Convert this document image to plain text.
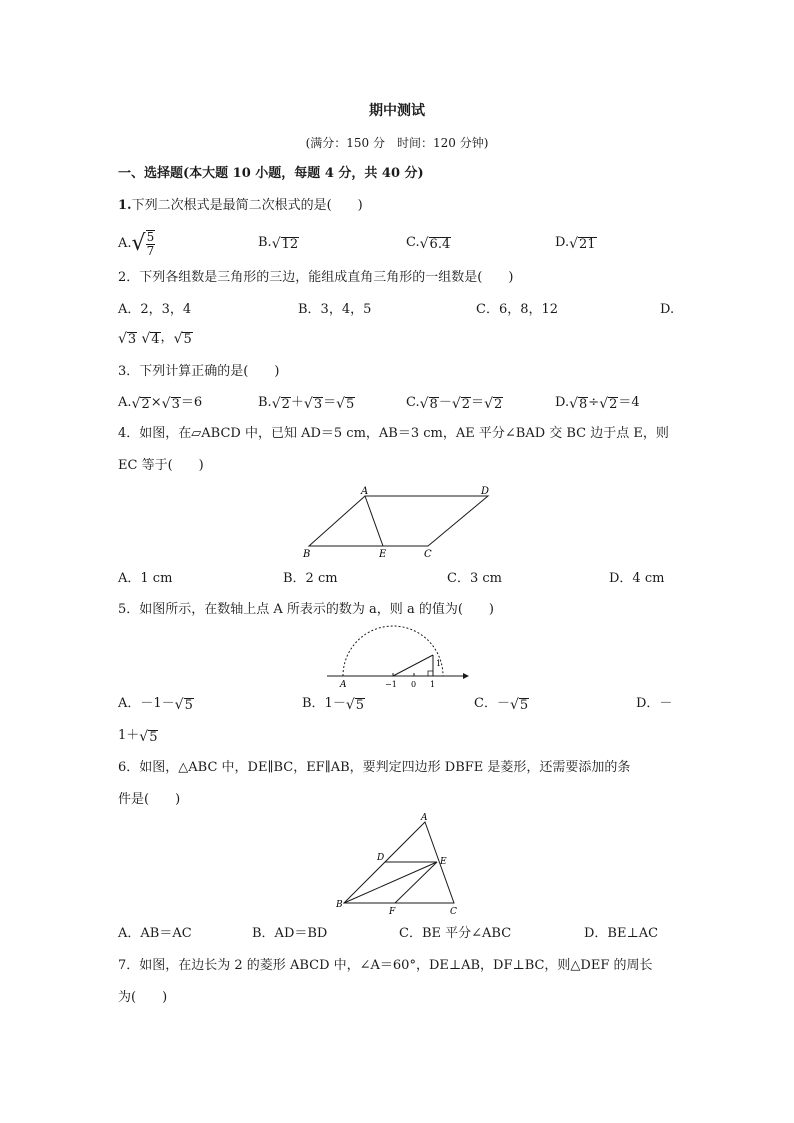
期中测试
(满分：150 分　时间：120 分钟)
一、选择题(本大题 10 小题，每题 4 分，共 40 分)
1.下列二次根式是最简二次根式的是(　　)
A. √ $\frac{5}{7}$	B. √ 12	C. √ 6.4	D. √ 21
2．下列各组数是三角形的三边，能组成直角三角形的一组数是(　　)
A．2，3，4	B．3，4，5	C．6，8，12	D.
√ 3
√ 4 ， √ 5
3．下列计算正确的是(　　)
A. √ 2 × √ 3 ＝6	B. √ 2 ＋ √ 3 ＝ √ 5	C. √ 8 － √ 2 ＝ √ 2	D. √ 8 ÷ √ 2 ＝4
4．如图，在▱ABCD 中，已知 AD＝5 cm，AB＝3 cm，AE 平分∠BAD 交 BC 边于点 E，则
EC 等于(　　)
A	D
B	E	C
A．1 cm	B．2 cm	C．3 cm	D．4 cm
5．如图所示，在数轴上点 A 所表示的数为 a，则 a 的值为(　　)
A	−1 0 1
1
A．－1－ √ 5	B．1－ √ 5	C．－ √ 5	D．－
1＋ √ 5
6．如图，△ABC 中，DE∥BC，EF∥AB，要判定四边形 DBFE 是菱形，还需要添加的条
件是(　　)
A
D	E
B
F	C
A．AB＝AC	B．AD＝BD	C．BE 平分∠ABC	D．BE⊥AC
7．如图，在边长为 2 的菱形 ABCD 中，∠A＝60°，DE⊥AB，DF⊥BC，则△DEF 的周长
为(　　)
